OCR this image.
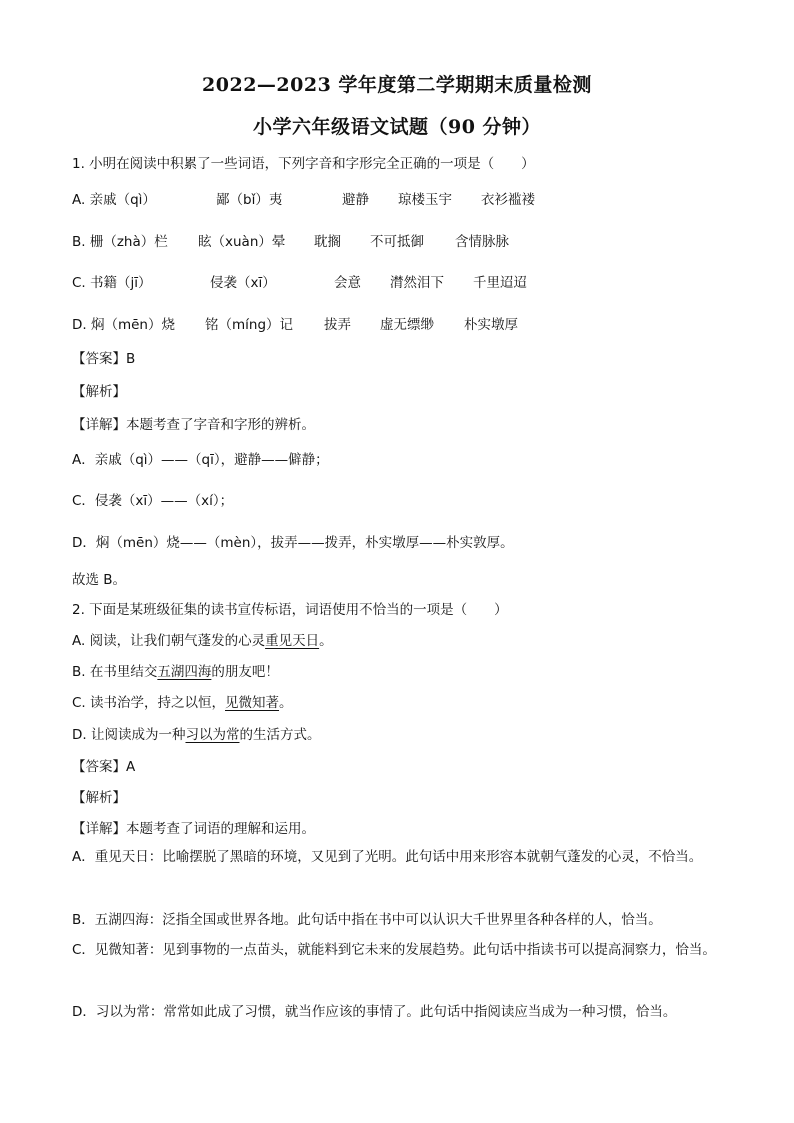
2022—2023 学年度第二学期期末质量检测
小学六年级语文试题（90 分钟）
1. 小明在阅读中积累了一些词语，下列字音和字形完全正确的一项是（　　）
A. 亲戚（qì）	鄙（bǐ）夷	避静 琼楼玉宇 衣衫褴褛
B. 栅（zhà）栏 眩（xuàn）晕 耽搁 不可抵御 含情脉脉
C. 书籍（jī）	侵袭（xī）	会意 潸然泪下 千里迢迢
D. 焖（mēn）烧 铭（míng）记 拔弄 虚无缥缈 朴实墩厚
【答案】B
【解析】
【详解】本题考查了字音和字形的辨析。
A．亲戚（qì）——（qī），避静——僻静；
C．侵袭（xī）——（xí）；
D．焖（mēn）烧——（mèn），拔弄——拨弄，朴实墩厚——朴实敦厚。
故选 B。
2. 下面是某班级征集的读书宣传标语，词语使用不恰当的一项是（　　）
A. 阅读，让我们朝气蓬发的心灵重见天日。
B. 在书里结交五湖四海的朋友吧！
C. 读书治学，持之以恒，见微知著。
D. 让阅读成为一种习以为常的生活方式。
【答案】A
【解析】
【详解】本题考查了词语的理解和运用。
A．重见天日：比喻摆脱了黑暗的环境，又见到了光明。此句话中用来形容本就朝气蓬发的心灵，不恰当。
B．五湖四海：泛指全国或世界各地。此句话中指在书中可以认识大千世界里各种各样的人，恰当。
C．见微知著：见到事物的一点苗头，就能料到它未来的发展趋势。此句话中指读书可以提高洞察力，恰当。
D．习以为常：常常如此成了习惯，就当作应该的事情了。此句话中指阅读应当成为一种习惯，恰当。
